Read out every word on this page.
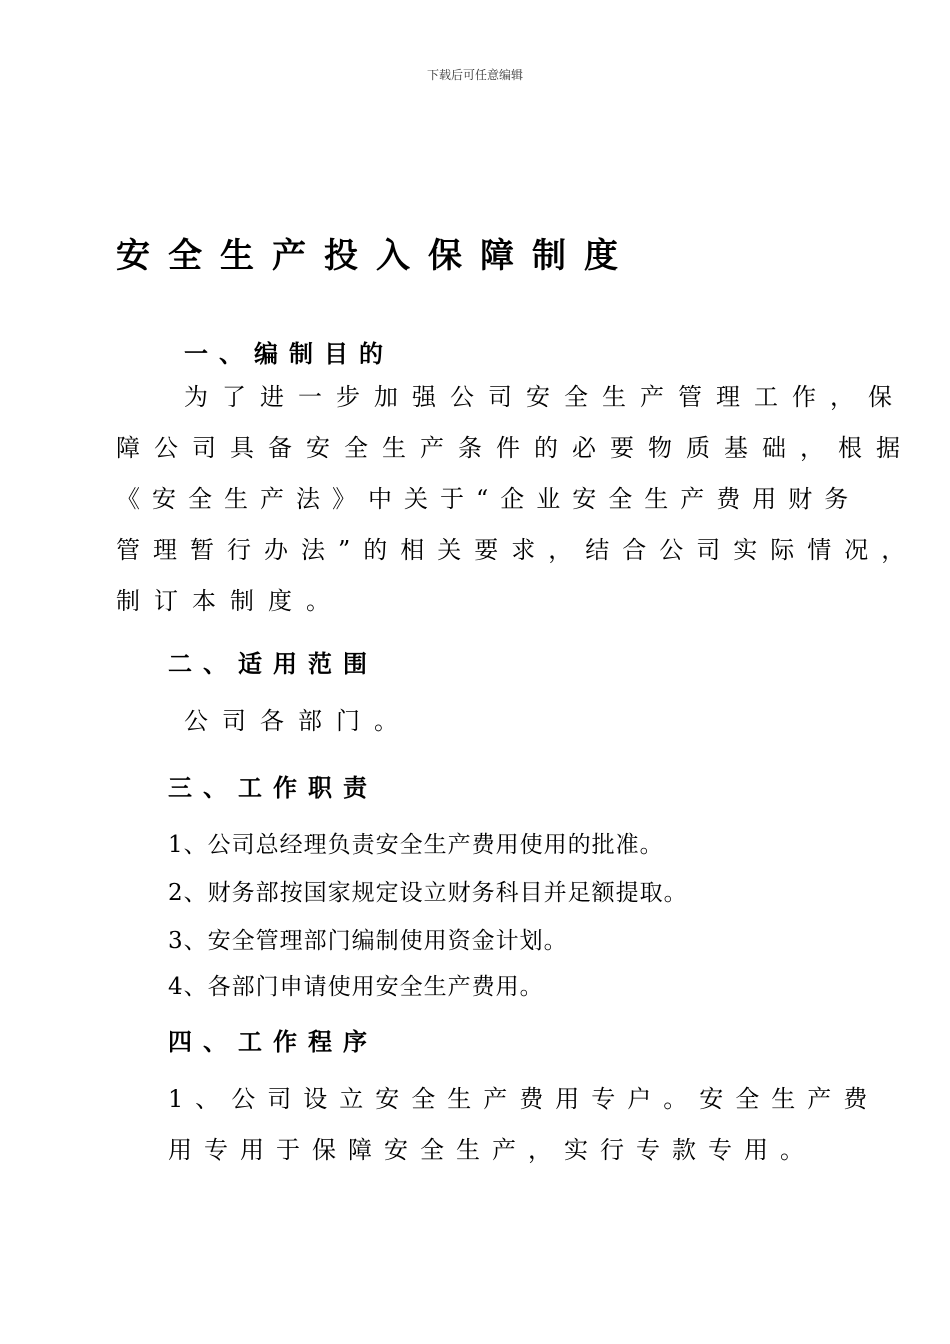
下载后可任意编辑
安全生产投入保障制度
一、编制目的
为了进一步加强公司安全生产管理工作，保
障公司具备安全生产条件的必要物质基础，根据
《安全生产法》中关于“企业安全生产费用财务
管理暂行办法”的相关要求，结合公司实际情况，
制订本制度。
二、适用范围
公司各部门。
三、工作职责
1、公司总经理负责安全生产费用使用的批准。
2、财务部按国家规定设立财务科目并足额提取。
3、安全管理部门编制使用资金计划。
4、各部门申请使用安全生产费用。
四、工作程序
1、公司设立安全生产费用专户。安全生产费
用专用于保障安全生产，实行专款专用。
